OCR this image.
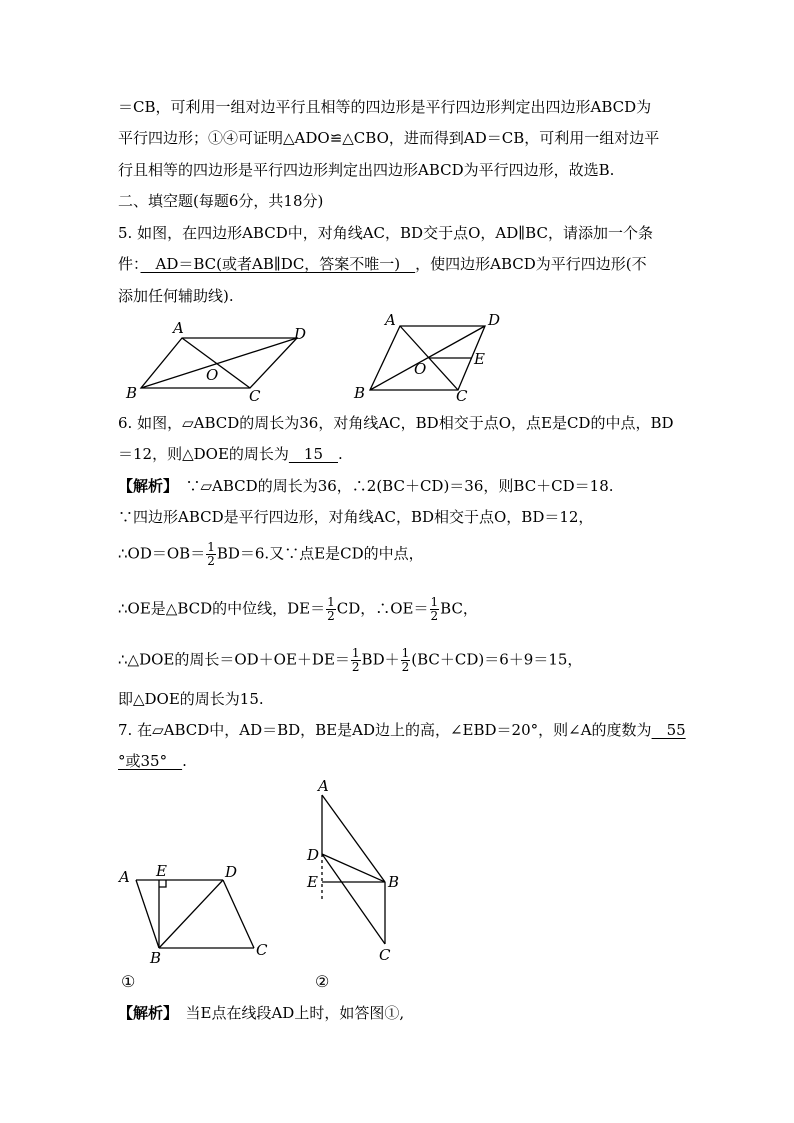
＝CB，可利用一组对边平行且相等的四边形是平行四边形判定出四边形ABCD为
平行四边形；①④可证明△ADO≌△CBO，进而得到AD＝CB，可利用一组对边平
行且相等的四边形是平行四边形判定出四边形ABCD为平行四边形，故选B.
二、填空题(每题6分，共18分)
5. 如图，在四边形ABCD中，对角线AC，BD交于点O，AD∥BC，请添加一个条
件：　AD＝BC(或者AB∥DC，答案不唯一)　，使四边形ABCD为平行四边形(不
添加任何辅助线).
A	D
B	C
O
A	D
B	C
O
E
6. 如图，▱ABCD的周长为36，对角线AC，BD相交于点O，点E是CD的中点，BD
＝12，则△DOE的周长为　15　.
【解析】　∵▱ABCD的周长为36，∴2(BC＋CD)＝36，则BC＋CD＝18.
∵四边形ABCD是平行四边形，对角线AC，BD相交于点O，BD＝12，
∴OD＝OB＝ $\frac{1}{2} BD=6$.又∵点E是CD的中点，
∴OE是△BCD的中位线，$DE= \frac{1}{2}$ CD，∴OE＝ $\frac{1}{2}$ BC，
∴△DOE的周长$=OD+OE+DE= \frac{1}{2} BD+ \frac{1}{2} (BC+CD)=6+9=15$，
即△DOE的周长为15.
7. 在▱ABCD中，AD＝BD，BE是AD边上的高，∠EBD＝20°，则∠A的度数为　55
°或35°　.
A E	D
B	C
A
D
E	B
C
①	②
【解析】　当E点在线段AD上时，如答图①,
